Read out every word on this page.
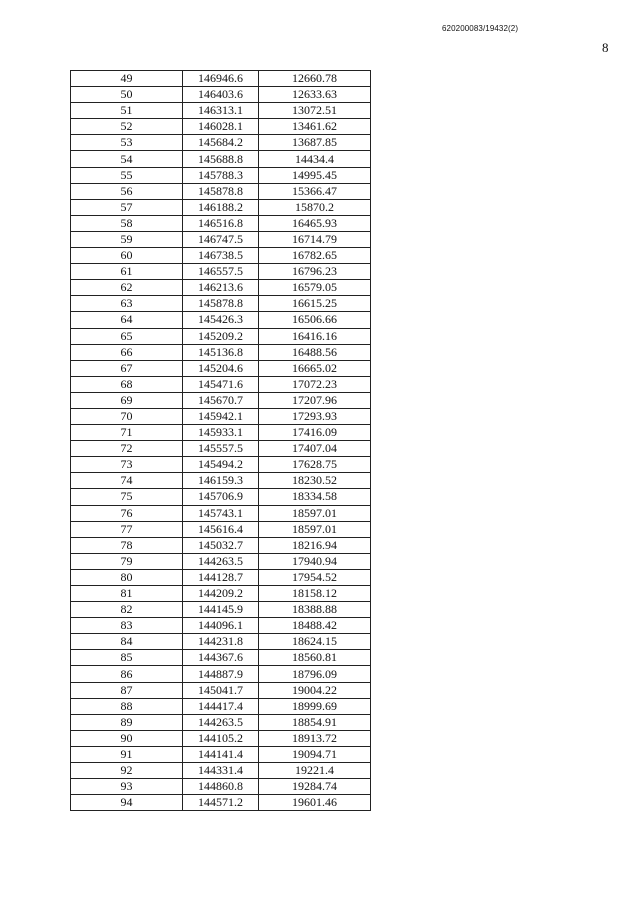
620200083/19432(2)
8
49	146946.6	12660.78
50	146403.6	12633.63
51	146313.1	13072.51
52	146028.1	13461.62
53	145684.2	13687.85
54	145688.8	14434.4
55	145788.3	14995.45
56	145878.8	15366.47
57	146188.2	15870.2
58	146516.8	16465.93
59	146747.5	16714.79
60	146738.5	16782.65
61	146557.5	16796.23
62	146213.6	16579.05
63	145878.8	16615.25
64	145426.3	16506.66
65	145209.2	16416.16
66	145136.8	16488.56
67	145204.6	16665.02
68	145471.6	17072.23
69	145670.7	17207.96
70	145942.1	17293.93
71	145933.1	17416.09
72	145557.5	17407.04
73	145494.2	17628.75
74	146159.3	18230.52
75	145706.9	18334.58
76	145743.1	18597.01
77	145616.4	18597.01
78	145032.7	18216.94
79	144263.5	17940.94
80	144128.7	17954.52
81	144209.2	18158.12
82	144145.9	18388.88
83	144096.1	18488.42
84	144231.8	18624.15
85	144367.6	18560.81
86	144887.9	18796.09
87	145041.7	19004.22
88	144417.4	18999.69
89	144263.5	18854.91
90	144105.2	18913.72
91	144141.4	19094.71
92	144331.4	19221.4
93	144860.8	19284.74
94	144571.2	19601.46
